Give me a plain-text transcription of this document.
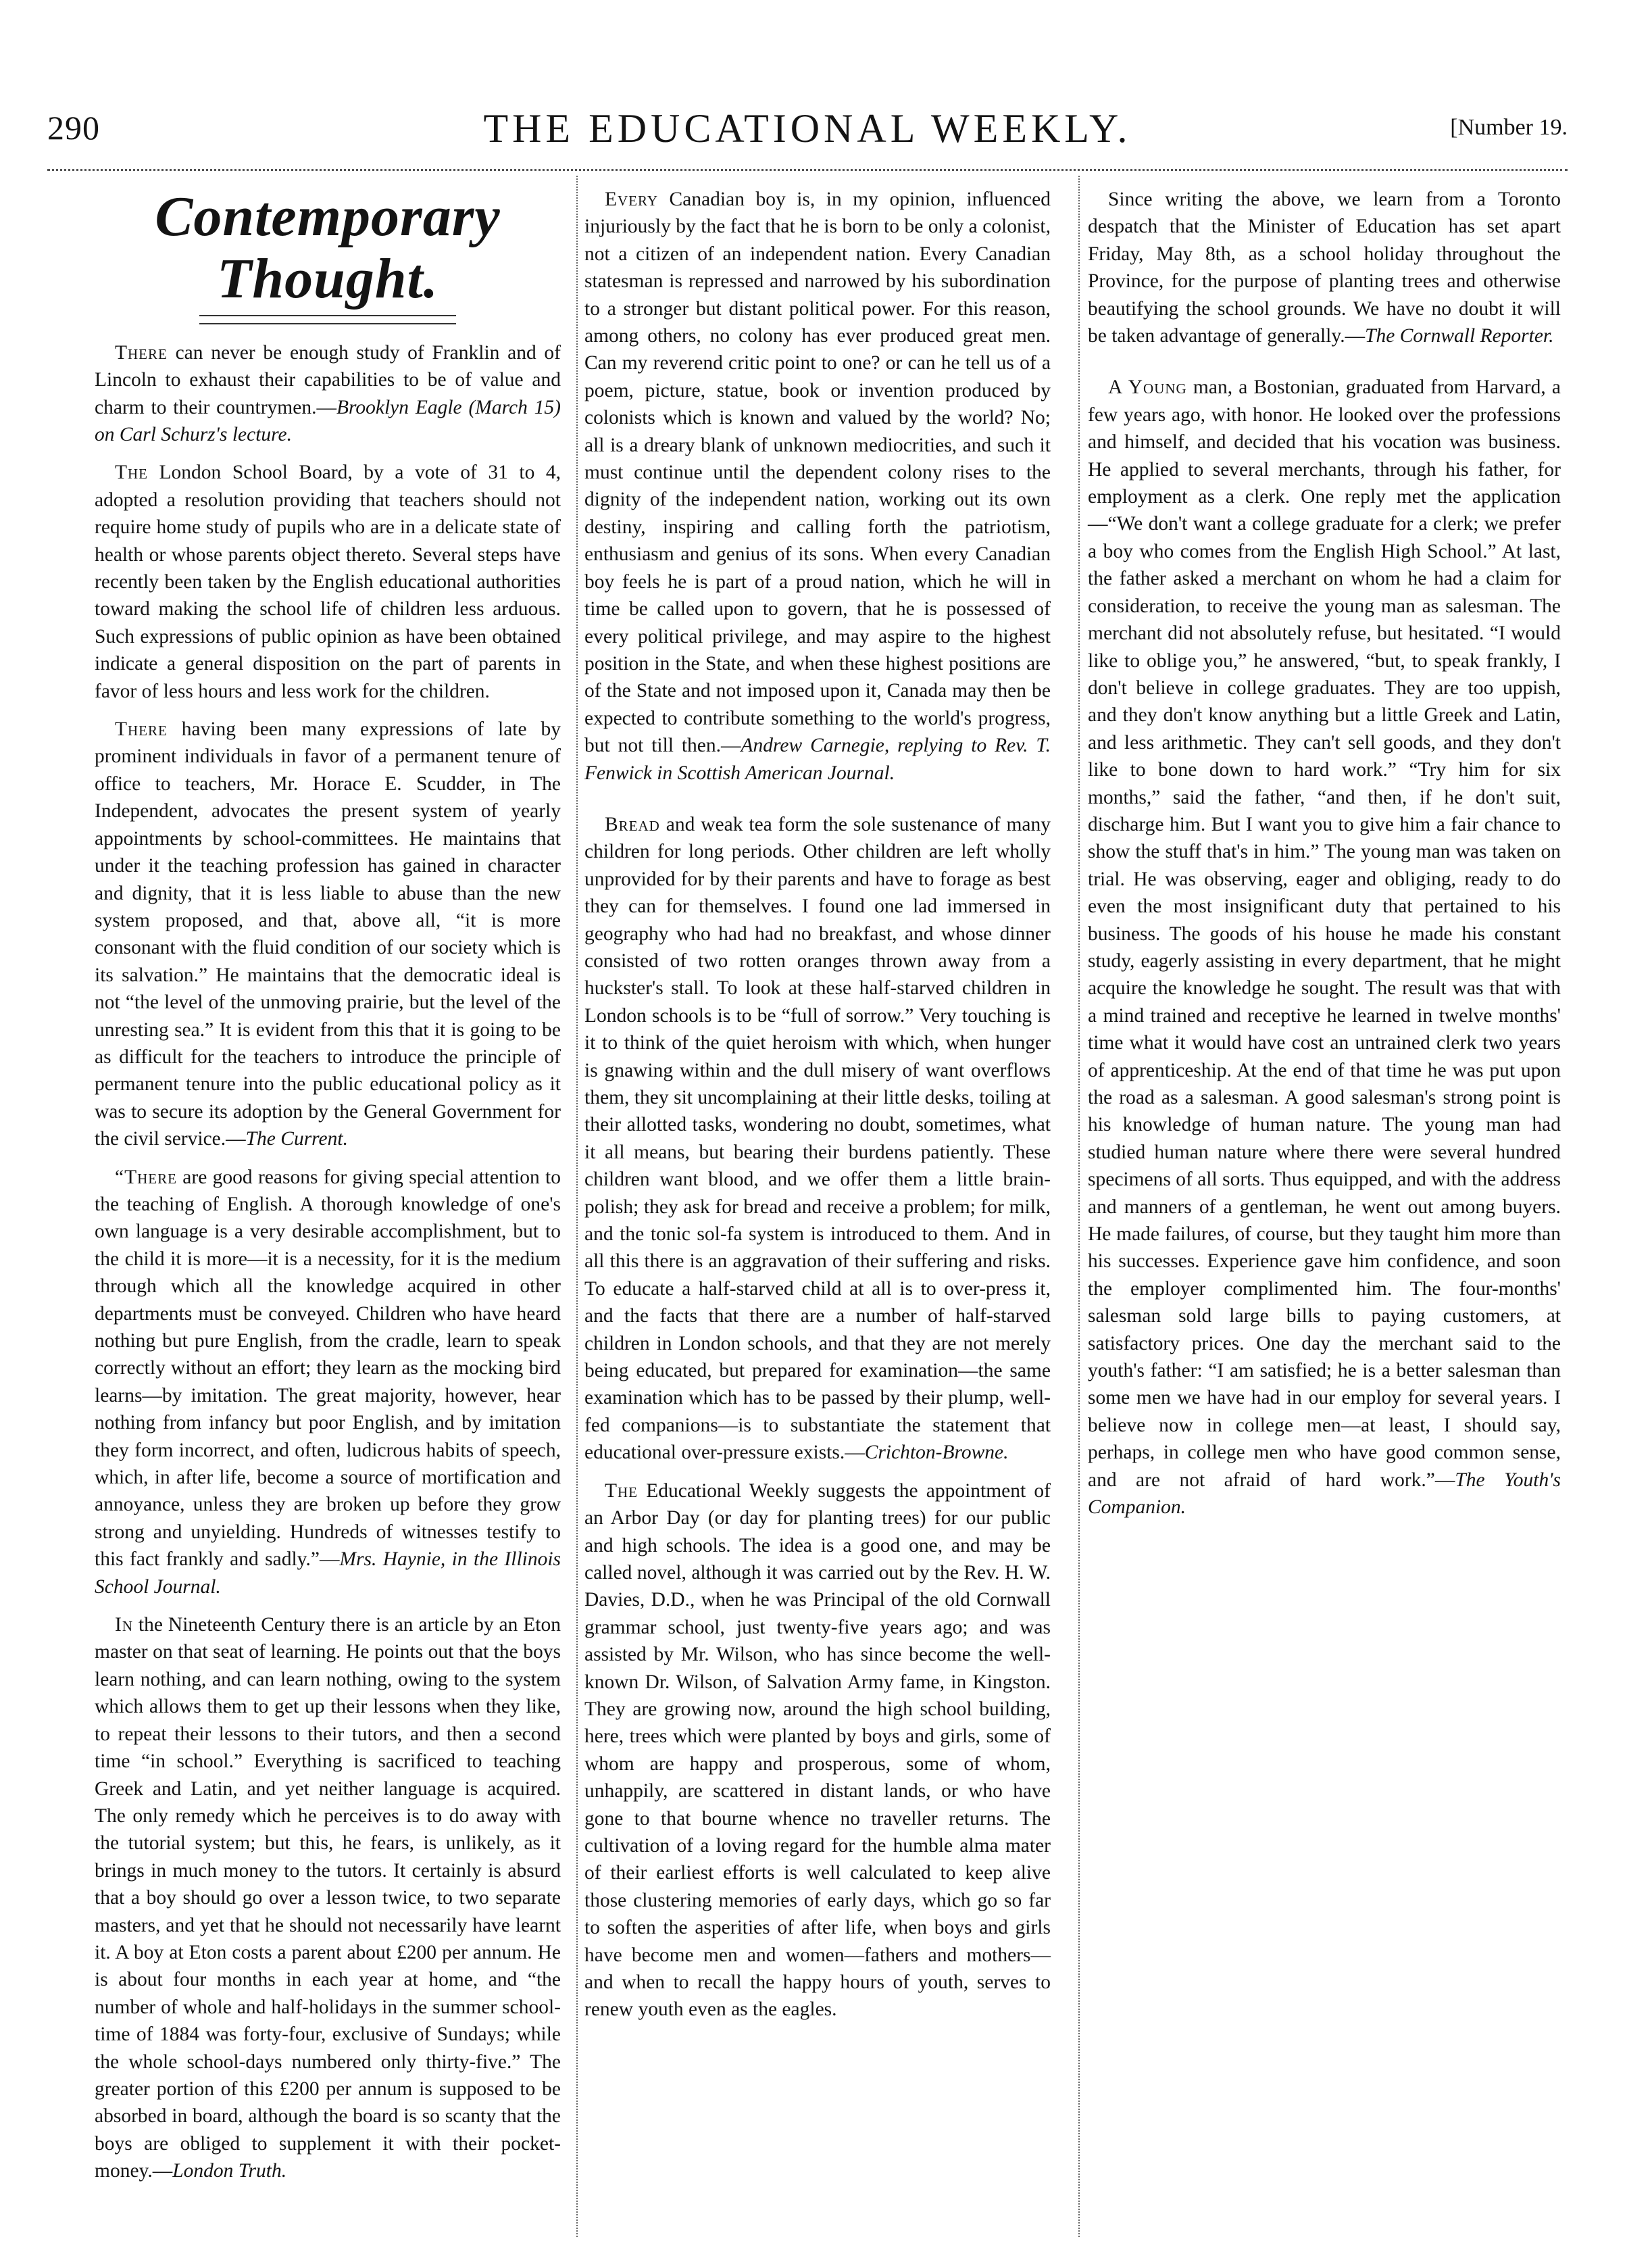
290	THE EDUCATIONAL WEEKLY.	[Number 19.
Contemporary Thought.

There can never be enough study of Franklin and of Lincoln to exhaust their capabilities to be of value and charm to their countrymen.—Brooklyn Eagle (March 15) on Carl Schurz's lecture.

The London School Board, by a vote of 31 to 4, adopted a resolution providing that teachers should not require home study of pupils who are in a delicate state of health or whose parents object thereto. Several steps have recently been taken by the English educational authorities toward making the school life of children less arduous. Such expressions of public opinion as have been obtained indicate a general disposition on the part of parents in favor of less hours and less work for the children.

There having been many expressions of late by prominent individuals in favor of a permanent tenure of office to teachers, Mr. Horace E. Scudder, in The Independent, advocates the present system of yearly appointments by school-committees. He maintains that under it the teaching profession has gained in character and dignity, that it is less liable to abuse than the new system proposed, and that, above all, “it is more consonant with the fluid condition of our society which is its salvation.” He maintains that the democratic ideal is not “the level of the unmoving prairie, but the level of the unresting sea.” It is evident from this that it is going to be as difficult for the teachers to introduce the principle of permanent tenure into the public educational policy as it was to secure its adoption by the General Government for the civil service.—The Current.

“There are good reasons for giving special attention to the teaching of English. A thorough knowledge of one's own language is a very desirable accomplishment, but to the child it is more—it is a necessity, for it is the medium through which all the knowledge acquired in other departments must be conveyed. Children who have heard nothing but pure English, from the cradle, learn to speak correctly without an effort; they learn as the mocking bird learns—by imitation. The great majority, however, hear nothing from infancy but poor English, and by imitation they form incorrect, and often, ludicrous habits of speech, which, in after life, become a source of mortification and annoyance, unless they are broken up before they grow strong and unyielding. Hundreds of witnesses testify to this fact frankly and sadly.”—Mrs. Haynie, in the Illinois School Journal.

In the Nineteenth Century there is an article by an Eton master on that seat of learning. He points out that the boys learn nothing, and can learn nothing, owing to the system which allows them to get up their lessons when they like, to repeat their lessons to their tutors, and then a second time “in school.” Everything is sacrificed to teaching Greek and Latin, and yet neither language is acquired. The only remedy which he perceives is to do away with the tutorial system; but this, he fears, is unlikely, as it brings in much money to the tutors. It certainly is absurd that a boy should go over a lesson twice, to two separate masters, and yet that he should not necessarily have learnt it. A boy at Eton costs a parent about £200 per annum. He is about four months in each year at home, and “the number of whole and half-holidays in the summer school-time of 1884 was forty-four, exclusive of Sundays; while the whole school-days numbered only thirty-five.” The greater portion of this £200 per annum is supposed to be absorbed in board, although the board is so scanty that the boys are obliged to supplement it with their pocket-money.—London Truth.

Every Canadian boy is, in my opinion, influenced injuriously by the fact that he is born to be only a colonist, not a citizen of an independent nation. Every Canadian statesman is repressed and narrowed by his subordination to a stronger but distant political power. For this reason, among others, no colony has ever produced great men. Can my reverend critic point to one? or can he tell us of a poem, picture, statue, book or invention produced by colonists which is known and valued by the world? No; all is a dreary blank of unknown mediocrities, and such it must continue until the dependent colony rises to the dignity of the independent nation, working out its own destiny, inspiring and calling forth the patriotism, enthusiasm and genius of its sons. When every Canadian boy feels he is part of a proud nation, which he will in time be called upon to govern, that he is possessed of every political privilege, and may aspire to the highest position in the State, and when these highest positions are of the State and not imposed upon it, Canada may then be expected to contribute something to the world's progress, but not till then.—Andrew Carnegie, replying to Rev. T. Fenwick in Scottish American Journal.

Bread and weak tea form the sole sustenance of many children for long periods. Other children are left wholly unprovided for by their parents and have to forage as best they can for themselves. I found one lad immersed in geography who had had no breakfast, and whose dinner consisted of two rotten oranges thrown away from a huckster's stall. To look at these half-starved children in London schools is to be “full of sorrow.” Very touching is it to think of the quiet heroism with which, when hunger is gnawing within and the dull misery of want overflows them, they sit uncomplaining at their little desks, toiling at their allotted tasks, wondering no doubt, sometimes, what it all means, but bearing their burdens patiently. These children want blood, and we offer them a little brain-polish; they ask for bread and receive a problem; for milk, and the tonic sol-fa system is introduced to them. And in all this there is an aggravation of their suffering and risks. To educate a half-starved child at all is to over-press it, and the facts that there are a number of half-starved children in London schools, and that they are not merely being educated, but prepared for examination—the same examination which has to be passed by their plump, well-fed companions—is to substantiate the statement that educational over-pressure exists.—Crichton-Browne.

The Educational Weekly suggests the appointment of an Arbor Day (or day for planting trees) for our public and high schools. The idea is a good one, and may be called novel, although it was carried out by the Rev. H. W. Davies, D.D., when he was Principal of the old Cornwall grammar school, just twenty-five years ago; and was assisted by Mr. Wilson, who has since become the well-known Dr. Wilson, of Salvation Army fame, in Kingston. They are growing now, around the high school building, here, trees which were planted by boys and girls, some of whom are happy and prosperous, some of whom, unhappily, are scattered in distant lands, or who have gone to that bourne whence no traveller returns. The cultivation of a loving regard for the humble alma mater of their earliest efforts is well calculated to keep alive those clustering memories of early days, which go so far to soften the asperities of after life, when boys and girls have become men and women—fathers and mothers—and when to recall the happy hours of youth, serves to renew youth even as the eagles.

Since writing the above, we learn from a Toronto despatch that the Minister of Education has set apart Friday, May 8th, as a school holiday throughout the Province, for the purpose of planting trees and otherwise beautifying the school grounds. We have no doubt it will be taken advantage of generally.—The Cornwall Reporter.

A Young man, a Bostonian, graduated from Harvard, a few years ago, with honor. He looked over the professions and himself, and decided that his vocation was business. He applied to several merchants, through his father, for employment as a clerk. One reply met the application—“We don't want a college graduate for a clerk; we prefer a boy who comes from the English High School.” At last, the father asked a merchant on whom he had a claim for consideration, to receive the young man as salesman. The merchant did not absolutely refuse, but hesitated. “I would like to oblige you,” he answered, “but, to speak frankly, I don't believe in college graduates. They are too uppish, and they don't know anything but a little Greek and Latin, and less arithmetic. They can't sell goods, and they don't like to bone down to hard work.” “Try him for six months,” said the father, “and then, if he don't suit, discharge him. But I want you to give him a fair chance to show the stuff that's in him.” The young man was taken on trial. He was observing, eager and obliging, ready to do even the most insignificant duty that pertained to his business. The goods of his house he made his constant study, eagerly assisting in every department, that he might acquire the knowledge he sought. The result was that with a mind trained and receptive he learned in twelve months' time what it would have cost an untrained clerk two years of apprenticeship. At the end of that time he was put upon the road as a salesman. A good salesman's strong point is his knowledge of human nature. The young man had studied human nature where there were several hundred specimens of all sorts. Thus equipped, and with the address and manners of a gentleman, he went out among buyers. He made failures, of course, but they taught him more than his successes. Experience gave him confidence, and soon the employer complimented him. The four-months' salesman sold large bills to paying customers, at satisfactory prices. One day the merchant said to the youth's father: “I am satisfied; he is a better salesman than some men we have had in our employ for several years. I believe now in college men—at least, I should say, perhaps, in college men who have good common sense, and are not afraid of hard work.”—The Youth's Companion.
